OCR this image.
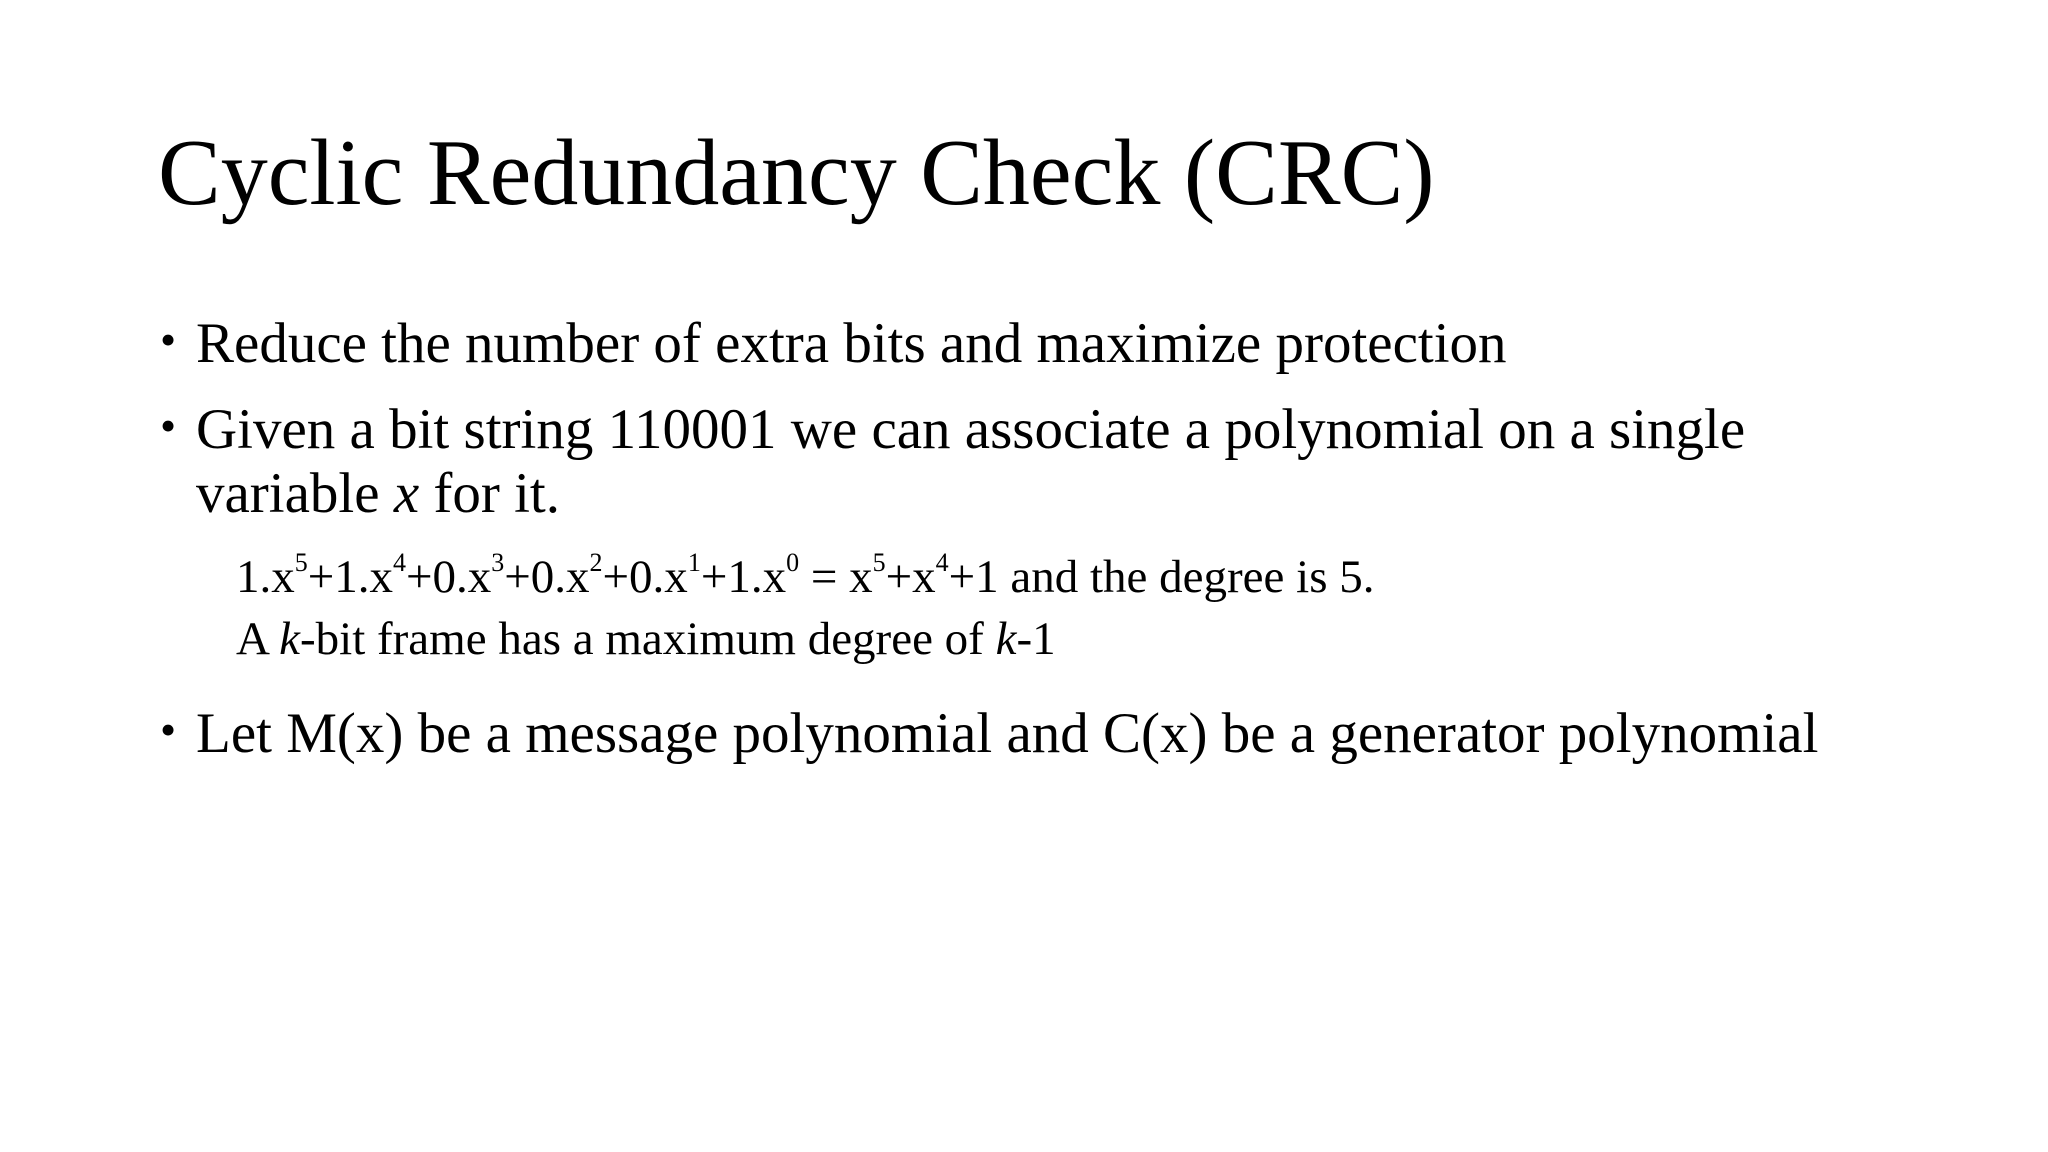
Cyclic Redundancy Check (CRC)
• Reduce the number of extra bits and maximize protection
• Given a bit string 110001 we can associate a polynomial on a single variable x for it.
$1.x^5+1.x^4+0.x^3+0.x^2+0.x^1+1.x^0 = x^5+x^4+1$ and the degree is 5.
A k-bit frame has a maximum degree of k-1
• Let M(x) be a message polynomial and C(x) be a generator polynomial
